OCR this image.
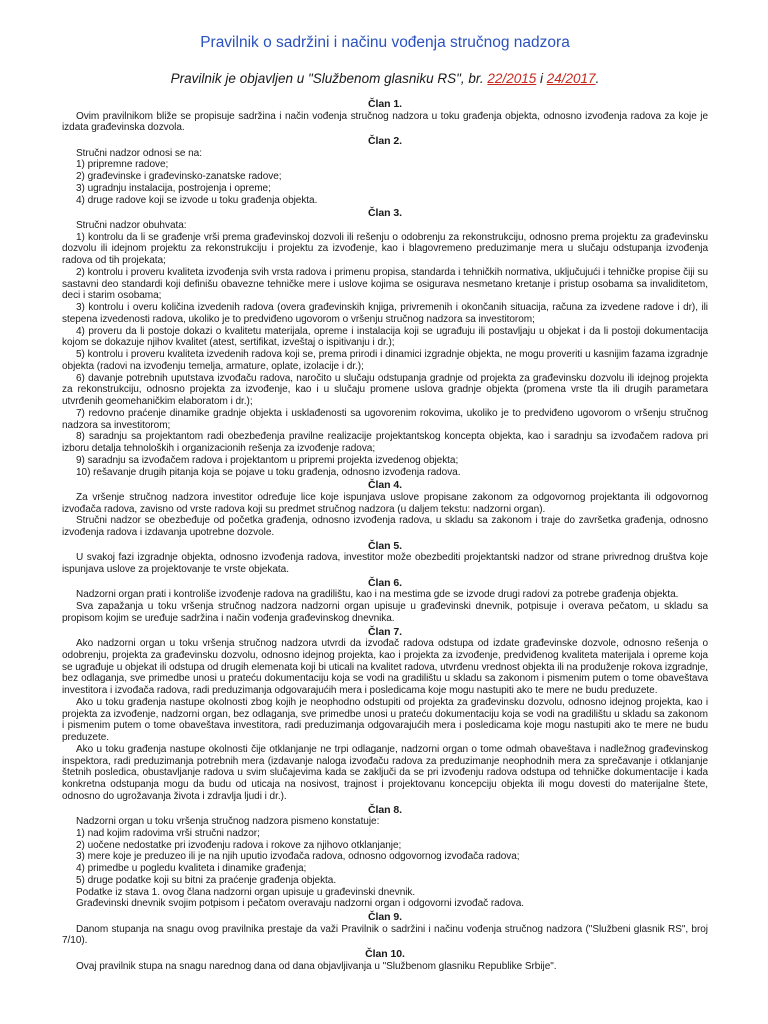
Pravilnik o sadržini i načinu vođenja stručnog nadzora
Pravilnik je objavljen u "Službenom glasniku RS", br. 22/2015 i 24/2017.
Član 1.
Ovim pravilnikom bliže se propisuje sadržina i način vođenja stručnog nadzora u toku građenja objekta, odnosno izvođenja radova za koje je izdata građevinska dozvola.
Član 2.
Stručni nadzor odnosi se na:
1) pripremne radove;
2) građevinske i građevinsko-zanatske radove;
3) ugradnju instalacija, postrojenja i opreme;
4) druge radove koji se izvode u toku građenja objekta.
Član 3.
Stručni nadzor obuhvata:
1) kontrolu da li se građenje vrši prema građevinskoj dozvoli ili rešenju o odobrenju za rekonstrukciju, odnosno prema projektu za građevinsku dozvolu ili idejnom projektu za rekonstrukciju i projektu za izvođenje, kao i blagovremeno preduzimanje mera u slučaju odstupanja izvođenja radova od tih projekata;
2) kontrolu i proveru kvaliteta izvođenja svih vrsta radova i primenu propisa, standarda i tehničkih normativa, uključujući i tehničke propise čiji su sastavni deo standardi koji definišu obavezne tehničke mere i uslove kojima se osigurava nesmetano kretanje i pristup osobama sa invaliditetom, deci i starim osobama;
3) kontrolu i overu količina izvedenih radova (overa građevinskih knjiga, privremenih i okončanih situacija, računa za izvedene radove i dr), ili stepena izvedenosti radova, ukoliko je to predviđeno ugovorom o vršenju stručnog nadzora sa investitorom;
4) proveru da li postoje dokazi o kvalitetu materijala, opreme i instalacija koji se ugrađuju ili postavljaju u objekat i da li postoji dokumentacija kojom se dokazuje njihov kvalitet (atest, sertifikat, izveštaj o ispitivanju i dr.);
5) kontrolu i proveru kvaliteta izvedenih radova koji se, prema prirodi i dinamici izgradnje objekta, ne mogu proveriti u kasnijim fazama izgradnje objekta (radovi na izvođenju temelja, armature, oplate, izolacije i dr.);
6) davanje potrebnih uputstava izvođaču radova, naročito u slučaju odstupanja gradnje od projekta za građevinsku dozvolu ili idejnog projekta za rekonstrukciju, odnosno projekta za izvođenje, kao i u slučaju promene uslova gradnje objekta (promena vrste tla ili drugih parametara utvrđenih geomehaničkim elaboratom i dr.);
7) redovno praćenje dinamike gradnje objekta i usklađenosti sa ugovorenim rokovima, ukoliko je to predviđeno ugovorom o vršenju stručnog nadzora sa investitorom;
8) saradnju sa projektantom radi obezbeđenja pravilne realizacije projektantskog koncepta objekta, kao i saradnju sa izvođačem radova pri izboru detalja tehnoloških i organizacionih rešenja za izvođenje radova;
9) saradnju sa izvođačem radova i projektantom u pripremi projekta izvedenog objekta;
10) rešavanje drugih pitanja koja se pojave u toku građenja, odnosno izvođenja radova.
Član 4.
Za vršenje stručnog nadzora investitor određuje lice koje ispunjava uslove propisane zakonom za odgovornog projektanta ili odgovornog izvođača radova, zavisno od vrste radova koji su predmet stručnog nadzora (u daljem tekstu: nadzorni organ).
Stručni nadzor se obezbeđuje od početka građenja, odnosno izvođenja radova, u skladu sa zakonom i traje do završetka građenja, odnosno izvođenja radova i izdavanja upotrebne dozvole.
Član 5.
U svakoj fazi izgradnje objekta, odnosno izvođenja radova, investitor može obezbediti projektantski nadzor od strane privrednog društva koje ispunjava uslove za projektovanje te vrste objekata.
Član 6.
Nadzorni organ prati i kontroliše izvođenje radova na gradilištu, kao i na mestima gde se izvode drugi radovi za potrebe građenja objekta.
Sva zapažanja u toku vršenja stručnog nadzora nadzorni organ upisuje u građevinski dnevnik, potpisuje i overava pečatom, u skladu sa propisom kojim se uređuje sadržina i način vođenja građevinskog dnevnika.
Član 7.
Ako nadzorni organ u toku vršenja stručnog nadzora utvrdi da izvođač radova odstupa od izdate građevinske dozvole, odnosno rešenja o odobrenju, projekta za građevinsku dozvolu, odnosno idejnog projekta, kao i projekta za izvođenje, predviđenog kvaliteta materijala i opreme koja se ugrađuje u objekat ili odstupa od drugih elemenata koji bi uticali na kvalitet radova, utvrđenu vrednost objekta ili na produženje rokova izgradnje, bez odlaganja, sve primedbe unosi u prateću dokumentaciju koja se vodi na gradilištu u skladu sa zakonom i pismenim putem o tome obaveštava investitora i izvođača radova, radi preduzimanja odgovarajućih mera i posledicama koje mogu nastupiti ako te mere ne budu preduzete.
Ako u toku građenja nastupe okolnosti zbog kojih je neophodno odstupiti od projekta za građevinsku dozvolu, odnosno idejnog projekta, kao i projekta za izvođenje, nadzorni organ, bez odlaganja, sve primedbe unosi u prateću dokumentaciju koja se vodi na gradilištu u skladu sa zakonom i pismenim putem o tome obaveštava investitora, radi preduzimanja odgovarajućih mera i posledicama koje mogu nastupiti ako te mere ne budu preduzete.
Ako u toku građenja nastupe okolnosti čije otklanjanje ne trpi odlaganje, nadzorni organ o tome odmah obaveštava i nadležnog građevinskog inspektora, radi preduzimanja potrebnih mera (izdavanje naloga izvođaču radova za preduzimanje neophodnih mera za sprečavanje i otklanjanje štetnih posledica, obustavljanje radova u svim slučajevima kada se zaključi da se pri izvođenju radova odstupa od tehničke dokumentacije i kada konkretna odstupanja mogu da budu od uticaja na nosivost, trajnost i projektovanu koncepciju objekta ili mogu dovesti do materijalne štete, odnosno do ugrožavanja života i zdravlja ljudi i dr.).
Član 8.
Nadzorni organ u toku vršenja stručnog nadzora pismeno konstatuje:
1) nad kojim radovima vrši stručni nadzor;
2) uočene nedostatke pri izvođenju radova i rokove za njihovo otklanjanje;
3) mere koje je preduzeo ili je na njih uputio izvođača radova, odnosno odgovornog izvođača radova;
4) primedbe u pogledu kvaliteta i dinamike građenja;
5) druge podatke koji su bitni za praćenje građenja objekta.
Podatke iz stava 1. ovog člana nadzorni organ upisuje u građevinski dnevnik.
Građevinski dnevnik svojim potpisom i pečatom overavaju nadzorni organ i odgovorni izvođač radova.
Član 9.
Danom stupanja na snagu ovog pravilnika prestaje da važi Pravilnik o sadržini i načinu vođenja stručnog nadzora ("Službeni glasnik RS", broj 7/10).
Član 10.
Ovaj pravilnik stupa na snagu narednog dana od dana objavljivanja u "Službenom glasniku Republike Srbije".
